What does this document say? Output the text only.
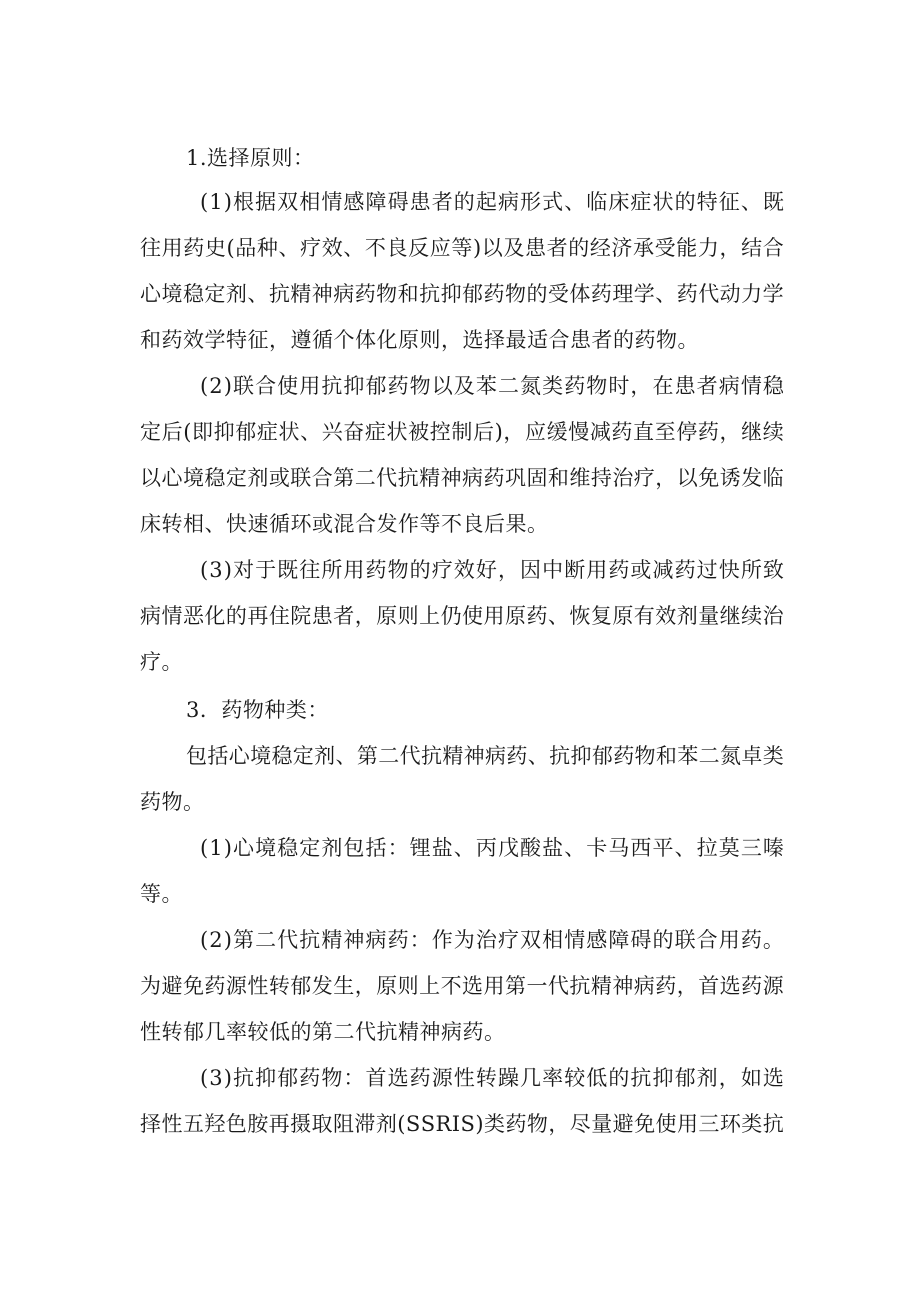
1.选择原则：
( 1 ) 根 据 双 相 情 感 障 碍 患 者 的 起 病 形 式 、 临 床 症 状 的 特 征 、 既
往 用 药 史 ( 品 种 、 疗 效 、 不 良 反 应 等 ) 以 及 患 者 的 经 济 承 受 能 力 ， 结 合
心 境 稳 定 剂 、 抗 精 神 病 药 物 和 抗 抑 郁 药 物 的 受 体 药 理 学 、 药 代 动 力 学
和药效学特征，遵循个体化原则，选择最适合患者的药物。
( 2 ) 联 合 使 用 抗 抑 郁 药 物 以 及 苯 二 氮 类 药 物 时 ， 在 患 者 病 情 稳
定 后 ( 即 抑 郁 症 状 、 兴 奋 症 状 被 控 制 后 ) ， 应 缓 慢 减 药 直 至 停 药 ， 继 续
以 心 境 稳 定 剂 或 联 合 第 二 代 抗 精 神 病 药 巩 固 和 维 持 治 疗 ， 以 免 诱 发 临
床转相、快速循环或混合发作等不良后果。
( 3 ) 对 于 既 往 所 用 药 物 的 疗 效 好 ， 因 中 断 用 药 或 减 药 过 快 所 致
病 情 恶 化 的 再 住 院 患 者 ， 原 则 上 仍 使 用 原 药 、 恢 复 原 有 效 剂 量 继 续 治
疗。
3．药物种类：
包 括 心 境 稳 定 剂 、 第 二 代 抗 精 神 病 药 、 抗 抑 郁 药 物 和 苯 二 氮 卓 类
药物。
( 1 ) 心 境 稳 定 剂 包 括 ： 锂 盐 、 丙 戊 酸 盐 、 卡 马 西 平 、 拉 莫 三 嗪
等。
( 2 ) 第 二 代 抗 精 神 病 药 ： 作 为 治 疗 双 相 情 感 障 碍 的 联 合 用 药 。
为 避 免 药 源 性 转 郁 发 生 ， 原 则 上 不 选 用 第 一 代 抗 精 神 病 药 ， 首 选 药 源
性转郁几率较低的第二代抗精神病药。
( 3 ) 抗 抑 郁 药 物 ： 首 选 药 源 性 转 躁 几 率 较 低 的 抗 抑 郁 剂 ， 如 选
择 性 五 羟 色 胺 再 摄 取 阻 滞 剂 ( S S R I S ) 类 药 物 ， 尽 量 避 免 使 用 三 环 类 抗
